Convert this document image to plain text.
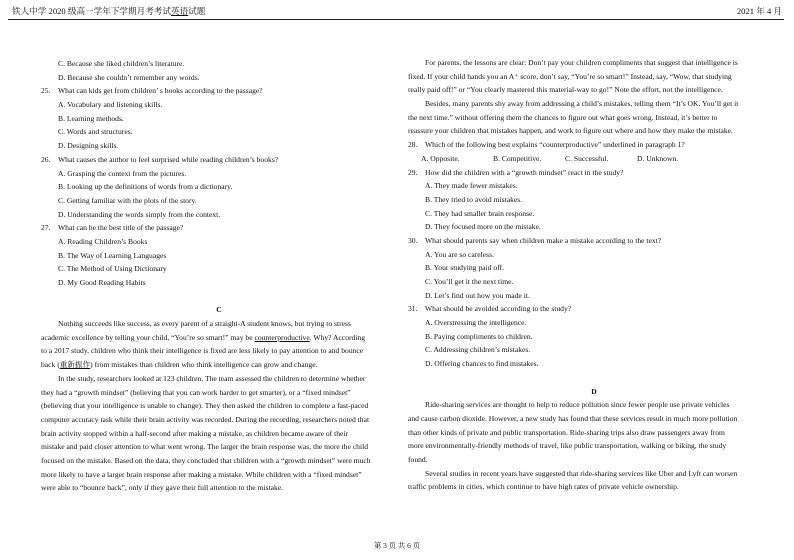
铁人中学 2020 级高一学年下学期月考考试英语试题	2021 年 4 月
C. Because she liked children’s literature.
D. Because she couldn’t remember any words.
25. What can kids get from children’ s books according to the passage?
A. Vocabulary and listening skills.
B. Learning methods.
C. Words and structures.
D. Designing skills.
26. What causes the author to feel surprised while reading children’s books?
A. Grasping the context from the pictures.
B. Looking up the definitions of words from a dictionary.
C. Getting familiar with the plots of the story.
D. Understanding the words simply from the context.
27. What can be the best title of the passage?
A. Reading Children’s Books
B. The Way of Learning Languages
C. The Method of Using Dictionary
D. My Good Reading Habits
C
Nothing succeeds like success, as every parent of a straight-A student knows, but trying to stress
academic excellence by telling your child, “You’re so smart!” may be counterproductive. Why? According
to a 2017 study, children who think their intelligence is fixed are less likely to pay attention to and bounce
back (重新振作) from mistakes than children who think intelligence can grow and change.
In the study, researchers looked at 123 children. The team assessed the children to determine whether
they had a “growth mindset” (believing that you can work harder to get smarter), or a “fixed mindset”
(believing that your intelligence is unable to change). They then asked the children to complete a fast-paced
computer accuracy task while their brain activity was recorded. During the recording, researchers noted that
brain activity stopped within a half-second after making a mistake, as children became aware of their
mistake and paid closer attention to what went wrong. The larger the brain response was, the more the child
focused on the mistake. Based on the data, they concluded that children with a “growth mindset” were much
more likely to have a larger brain response after making a mistake. While children with a “fixed mindset”
were able to “bounce back”, only if they gave their full attention to the mistake.
For parents, the lessons are clear: Don’t pay your children compliments that suggest that intelligence is
fixed. If your child hands you an A⁺ score, don’t say, “You’re so smart!” Instead, say, “Wow, that studying
really paid off!” or “You clearly mastered this material-way to go!” Note the effort, not the intelligence.
Besides, many parents shy away from addressing a child’s mistakes, telling them “It’s OK. You’ll get it
the next time.” without offering them the chances to figure out what goes wrong. Instead, it’s better to
reassure your children that mistakes happen, and work to figure out where and how they make the mistake.
28. Which of the following best explains “counterproductive” underlined in paragraph 1?
A. Opposite.	B. Competitive.	C. Successful.	D. Unknown.
29. How did the children with a “growth mindset” react in the study?
A. They made fewer mistakes.
B. They tried to avoid mistakes.
C. They had smaller brain response.
D. They focused more on the mistake.
30. What should parents say when children make a mistake according to the text?
A. You are so careless.
B. Your studying paid off.
C. You’ll get it the next time.
D. Let’s find out how you made it.
31. What should be avoided according to the study?
A. Overstressing the intelligence.
B. Paying compliments to children.
C. Addressing children’s mistakes.
D. Offering chances to find mistakes.
D
Ride-sharing services are thought to help to reduce pollution since fewer people use private vehicles
and cause carbon dioxide. However, a new study has found that these services result in much more pollution
than other kinds of private and public transportation. Ride-sharing trips also draw passengers away from
more environmentally-friendly methods of travel, like public transportation, walking or biking, the study
found.
Several studies in recent years have suggested that ride-sharing services like Uber and Lyft can worsen
traffic problems in cities, which continue to have high rates of private vehicle ownership.
第 3 页 共 6 页
